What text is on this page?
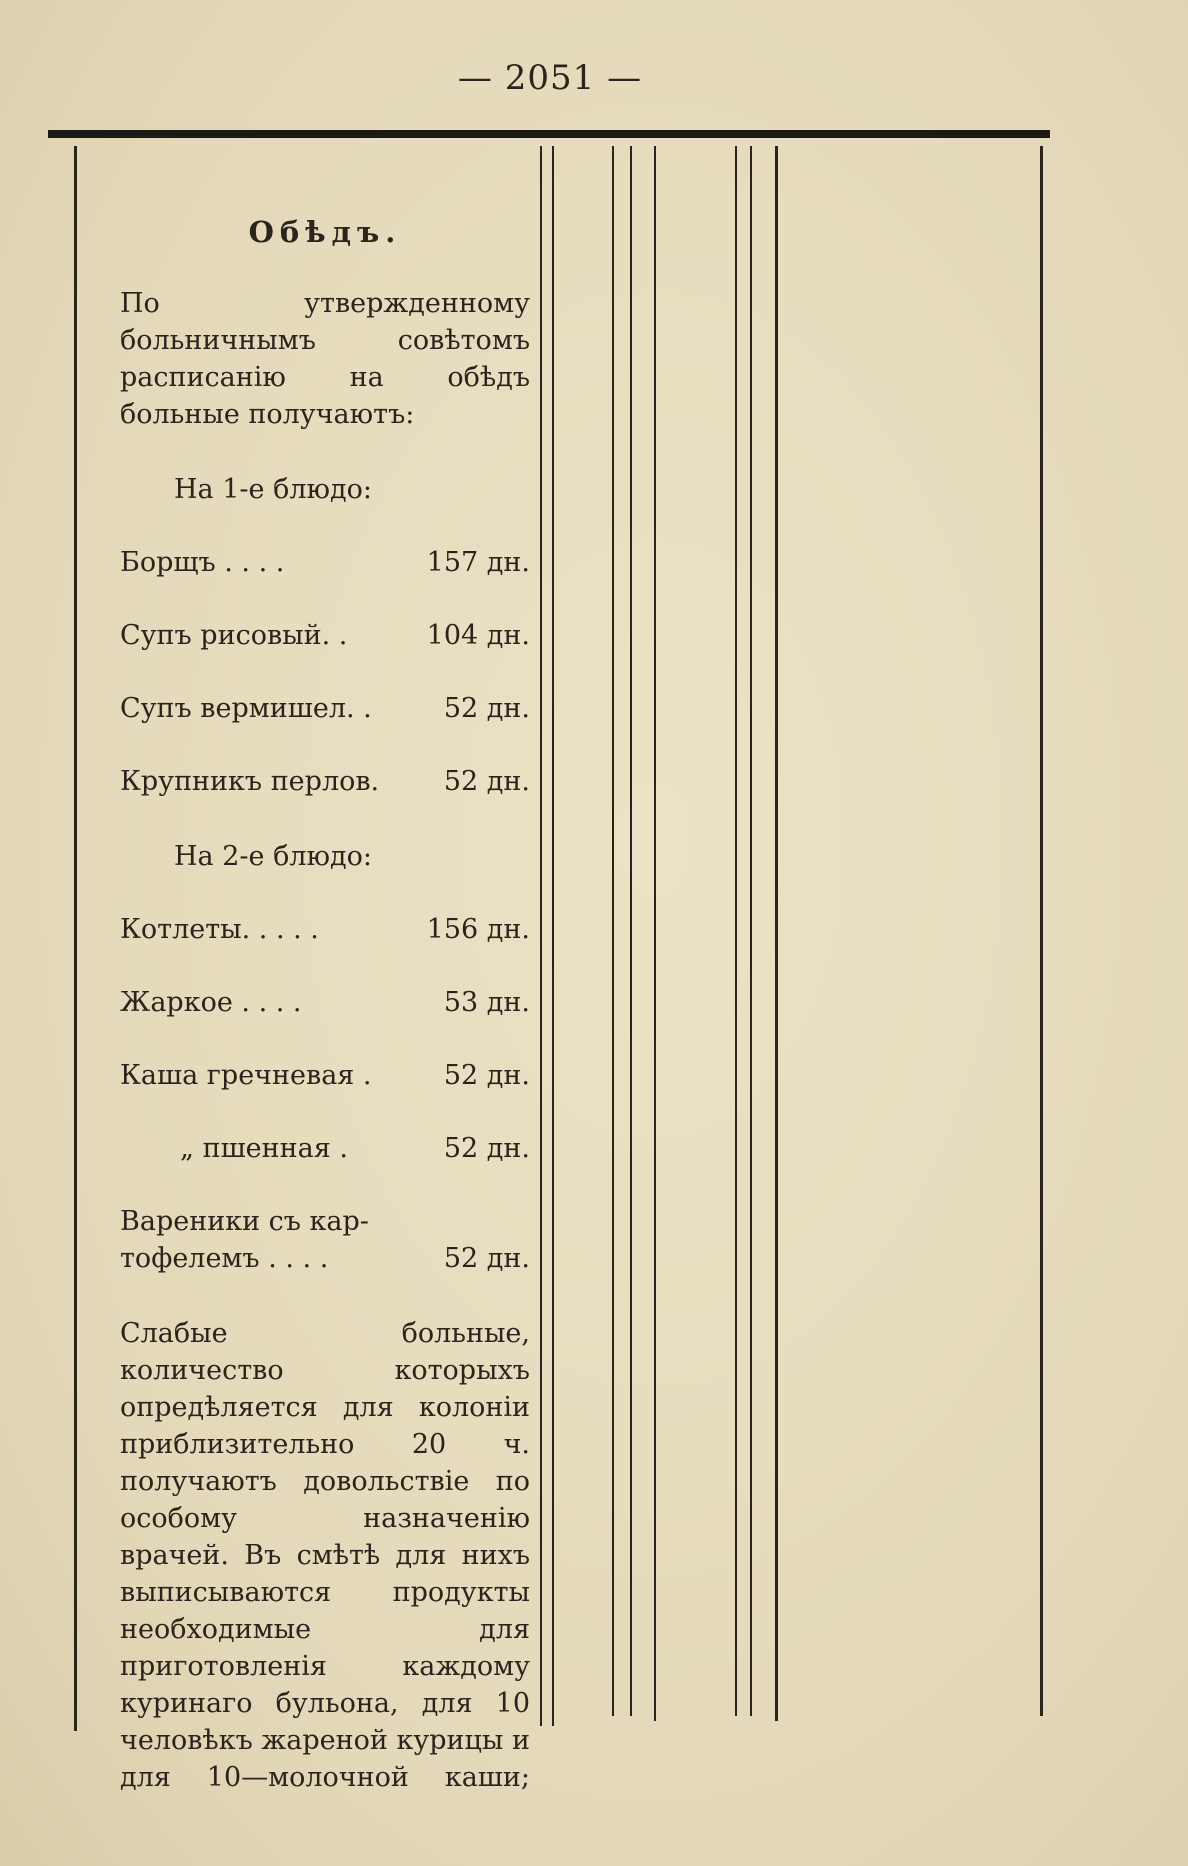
— 2051 —
Обѣдъ.

По утвержденному больничнымъ совѣтомъ расписанію на обѣдъ больные получаютъ:

На 1-е блюдо:
Борщъ . . . .	157 дн.
Супъ рисовый. .	104 дн.
Супъ вермишел. .	52 дн.
Крупникъ перлов. 52 дн.
На 2-е блюдо:
Котлеты. . . . .	156 дн.
Жаркое . . . .	53 дн.
Каша гречневая .	52 дн.
„ пшенная .	52 дн.
Вареники съ кар-
тофелемъ . . . .	52 дн.

Слабые больные, количество которыхъ опредѣляется для колоніи приблизительно 20 ч. получаютъ довольствіе по особому назначенію врачей. Въ смѣтѣ для нихъ выписываются продукты необходимые для приготовленія каждому куринаго бульона, для 10 человѣкъ жареной курицы и для 10—молочной каши;
